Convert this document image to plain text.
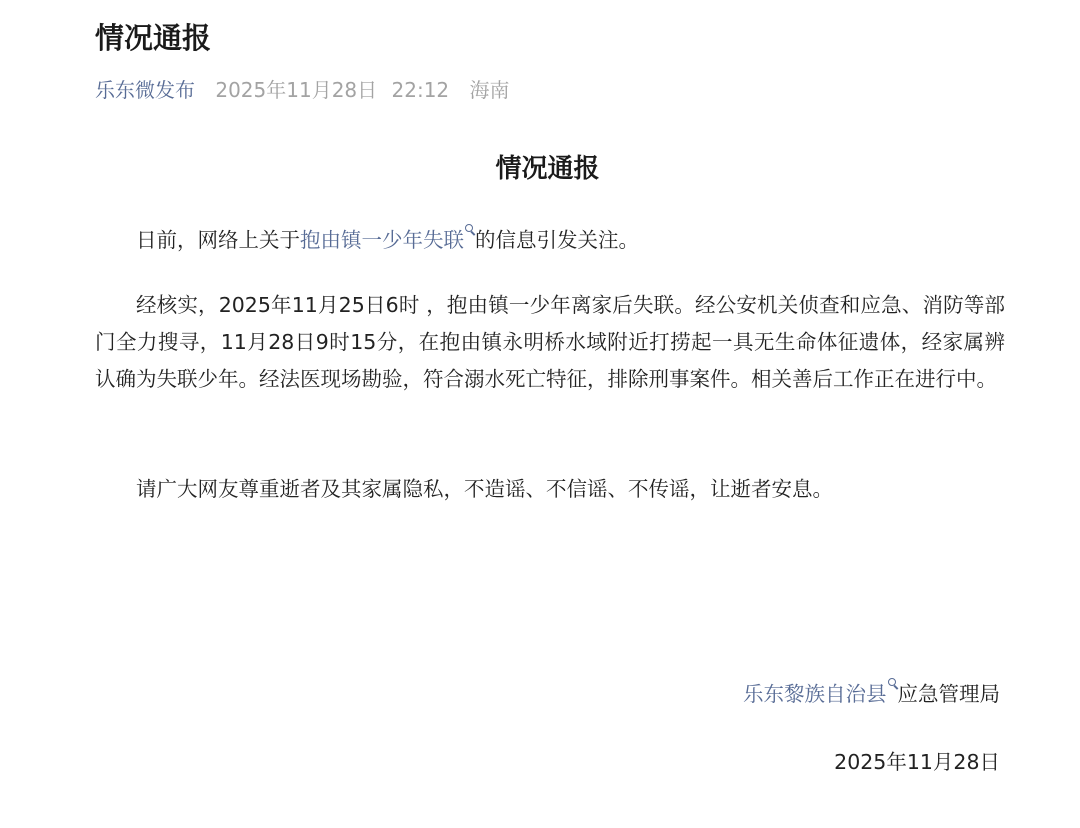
情况通报
乐东微发布 2025年11月28日 22:12 海南
情况通报
日前，网络上关于抱由镇一少年失联 的信息引发关注。
经核实，2025年11月25日6时 ，抱由镇一少年离家后失联。经公安机关侦查和应急、消防等部门全力搜寻，11月28日9时15分，在抱由镇永明桥水域附近打捞起一具无生命体征遗体，经家属辨认确为失联少年。经法医现场勘验，符合溺水死亡特征，排除刑事案件。相关善后工作正在进行中。
请广大网友尊重逝者及其家属隐私，不造谣、不信谣、不传谣，让逝者安息。
乐东黎族自治县 应急管理局
2025年11月28日
